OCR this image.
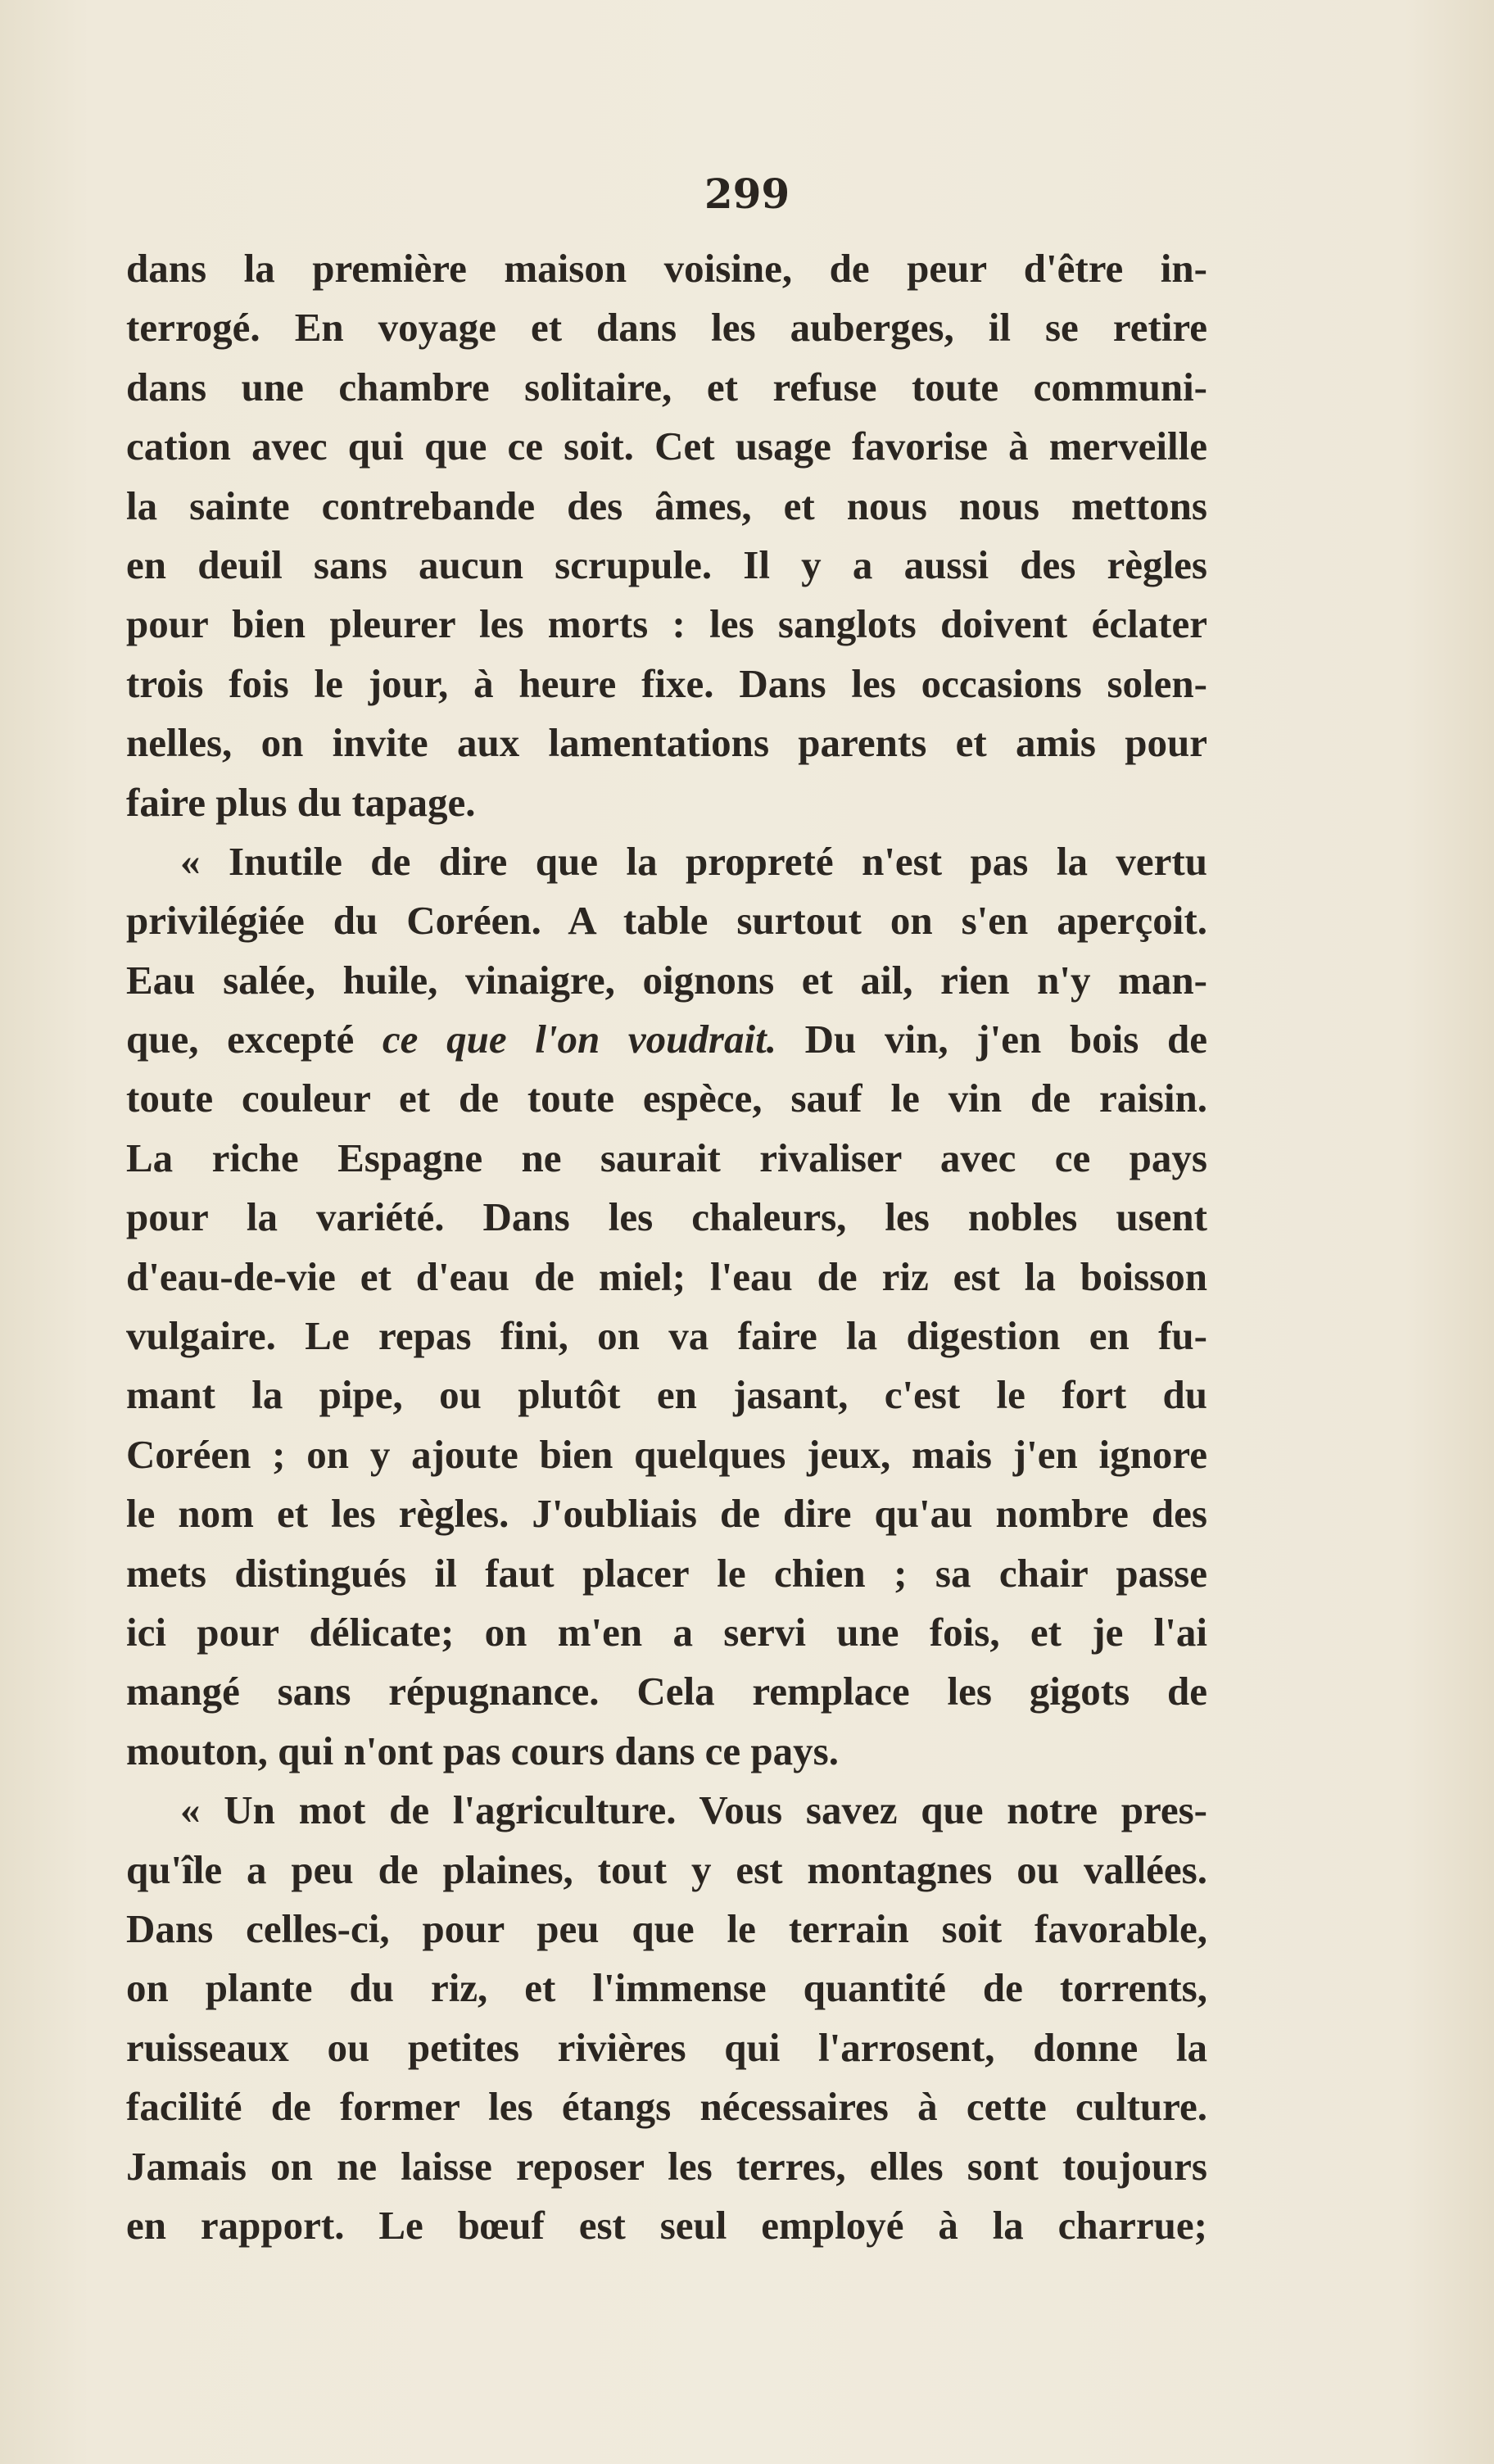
299
dans la première maison voisine, de peur d'être in-
terrogé. En voyage et dans les auberges, il se retire
dans une chambre solitaire, et refuse toute communi-
cation avec qui que ce soit. Cet usage favorise à merveille
la sainte contrebande des âmes, et nous nous mettons
en deuil sans aucun scrupule. Il y a aussi des règles
pour bien pleurer les morts : les sanglots doivent éclater
trois fois le jour, à heure fixe. Dans les occasions solen-
nelles, on invite aux lamentations parents et amis pour
faire plus du tapage.
« Inutile de dire que la propreté n'est pas la vertu
privilégiée du Coréen. A table surtout on s'en aperçoit.
Eau salée, huile, vinaigre, oignons et ail, rien n'y man-
que, excepté ce que l'on voudrait. Du vin, j'en bois de
toute couleur et de toute espèce, sauf le vin de raisin.
La riche Espagne ne saurait rivaliser avec ce pays
pour la variété. Dans les chaleurs, les nobles usent
d'eau-de-vie et d'eau de miel; l'eau de riz est la boisson
vulgaire. Le repas fini, on va faire la digestion en fu-
mant la pipe, ou plutôt en jasant, c'est le fort du
Coréen ; on y ajoute bien quelques jeux, mais j'en ignore
le nom et les règles. J'oubliais de dire qu'au nombre des
mets distingués il faut placer le chien ; sa chair passe
ici pour délicate; on m'en a servi une fois, et je l'ai
mangé sans répugnance. Cela remplace les gigots de
mouton, qui n'ont pas cours dans ce pays.
« Un mot de l'agriculture. Vous savez que notre pres-
qu'île a peu de plaines, tout y est montagnes ou vallées.
Dans celles-ci, pour peu que le terrain soit favorable,
on plante du riz, et l'immense quantité de torrents,
ruisseaux ou petites rivières qui l'arrosent, donne la
facilité de former les étangs nécessaires à cette culture.
Jamais on ne laisse reposer les terres, elles sont toujours
en rapport. Le bœuf est seul employé à la charrue;
